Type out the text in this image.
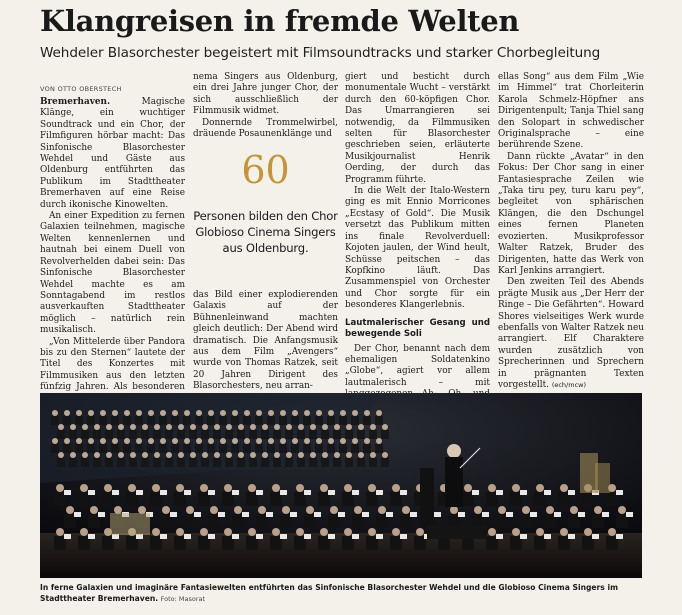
Klangreisen in fremde Welten
Wehdeler Blasorchester begeistert mit Filmsoundtracks und starker Chorbegleitung
VON OTTO OBERSTECH

Bremerhaven. Magische Klänge, ein wuchtiger Soundtrack und ein Chor, der Filmfiguren hörbar macht: Das Sinfonische Blasorchester Wehdel und Gäste aus Oldenburg entführten das Publikum im Stadttheater Bremerhaven auf eine Reise durch ikonische Kinowelten.

An einer Expedition zu fernen Galaxien teilnehmen, magische Welten kennenlernen und hautnah bei einem Duell von Revolverhelden dabei sein: Das Sinfonische Blasorchester Wehdel machte es am Sonntagabend im restlos ausverkauften Stadttheater möglich – natürlich rein musikalisch.

„Von Mittelerde über Pandora bis zu den Sternen“ lautete der Titel des Konzertes mit Filmmusiken aus den letzten fünfzig Jahren. Als besonderen

nema Singers aus Oldenburg, ein drei Jahre junger Chor, der sich ausschließlich der Filmmusik widmet.

Donnernde Trommelwirbel, dräuende Posaunenklänge und

60
Personen bilden den Chor Globioso Cinema Singers aus Oldenburg.

das Bild einer explodierenden Galaxis auf der Bühnenleinwand machten gleich deutlich: Der Abend wird dramatisch. Die Anfangsmusik aus dem Film „Avengers“ wurde von Thomas Ratzek, seit 20 Jahren Dirigent des Blasorchesters, neu arran-

giert und besticht durch monumentale Wucht – verstärkt durch den 60-köpfigen Chor. Das Umarrangieren sei notwendig, da Filmmusiken selten für Blasorchester geschrieben seien, erläuterte Musikjournalist Henrik Oerding, der durch das Programm führte.

In die Welt der Italo-Western ging es mit Ennio Morricones „Ecstasy of Gold“. Die Musik versetzt das Publikum mitten ins finale Revolverduell: Kojoten jaulen, der Wind heult, Schüsse peitschen – das Kopfkino läuft. Das Zusammenspiel von Orchester und Chor sorgte für ein besonderes Klangerlebnis.

Lautmalerischer Gesang und bewegende Soli

Der Chor, benannt nach dem ehemaligen Soldatenkino „Globe“, agiert vor allem lautmalerisch – mit

ellas Song“ aus dem Film „Wie im Himmel“ trat Chorleiterin Karola Schmelz-Höpfner ans Dirigentenpult; Tanja Thiel sang den Solopart in schwedischer Originalsprache – eine berührende Szene.

Dann rückte „Avatar“ in den Fokus: Der Chor sang in einer Fantasiesprache Zeilen wie „Taka tiru pey, turu karu pey“, begleitet von sphärischen Klängen, die den Dschungel eines fernen Planeten evozierten. Musikprofessor Walter Ratzek, Bruder des Dirigenten, hatte das Werk von Karl Jenkins arrangiert.

Den zweiten Teil des Abends prägte Musik aus „Der Herr der Ringe – Die Gefährten“. Howard Shores vielseitiges Werk wurde ebenfalls von Walter Ratzek neu arrangiert. Elf Charaktere wurden zusätzlich von Sprecherinnen und Sprechern in prägnanten Texten vorgestellt. (ech/mcw)

In ferne Galaxien und imaginäre Fantasiewelten entführten das Sinfonische Blasorchester Wehdel und die Globioso Cinema Singers im Stadttheater Bremerhaven. Foto: Masorat
